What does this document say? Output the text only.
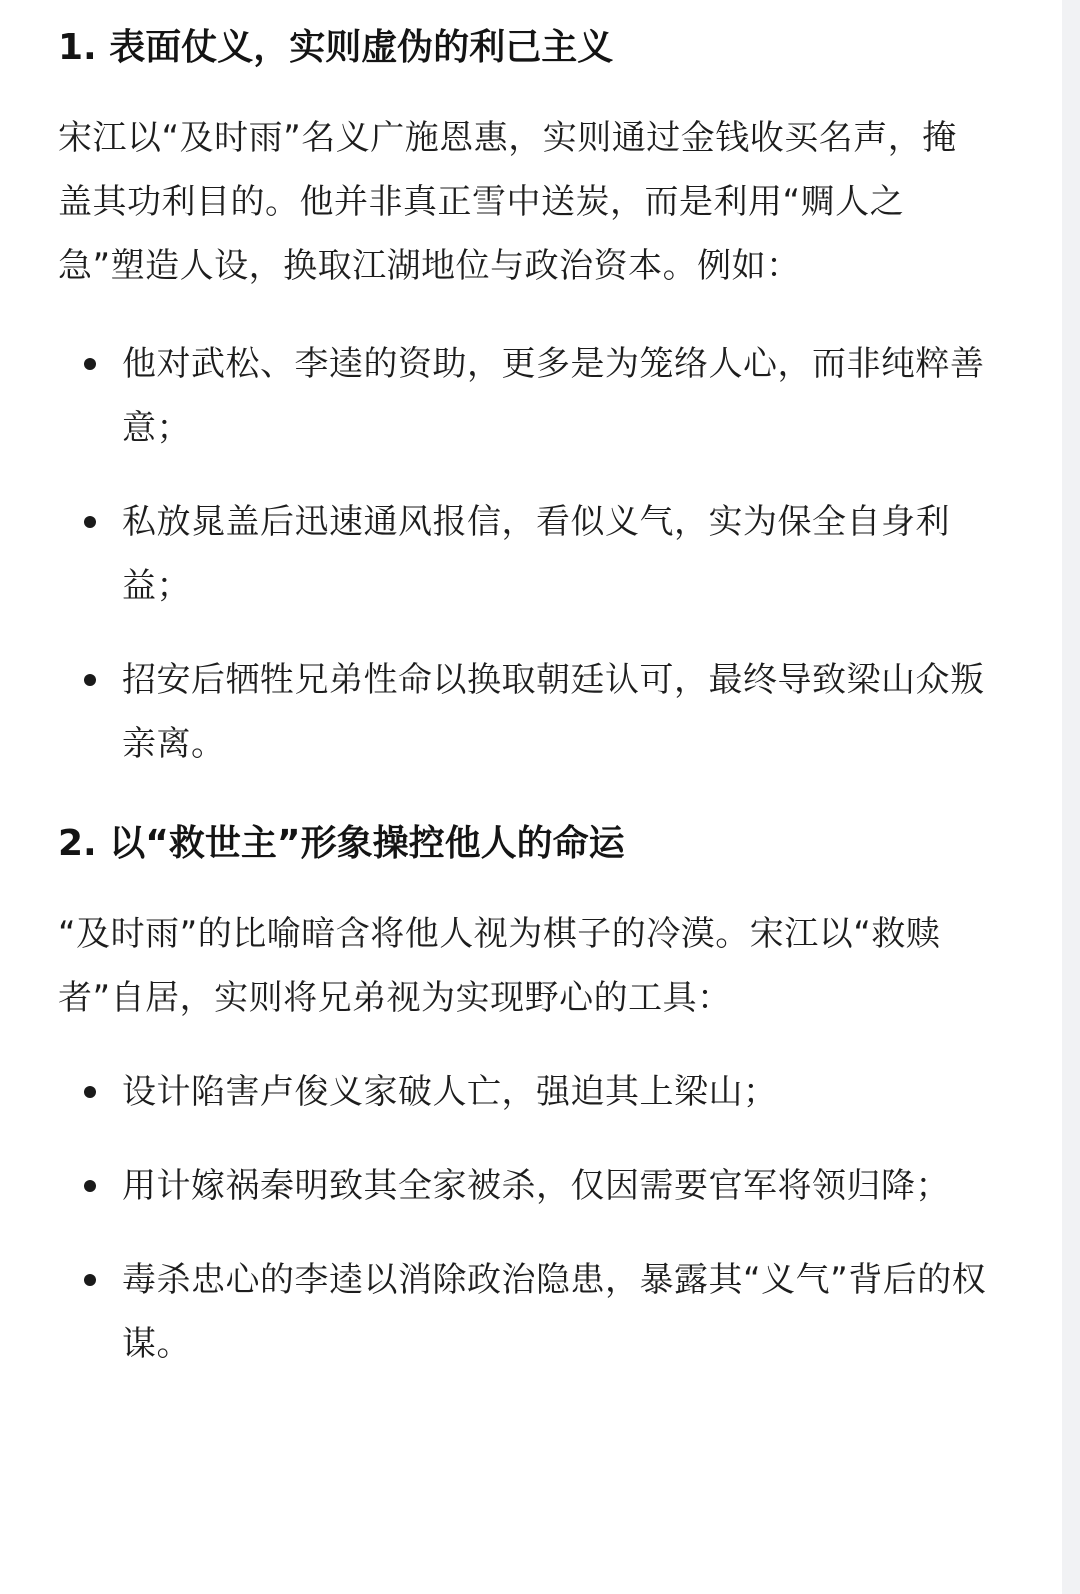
1. 表面仗义，实则虚伪的利己主义

宋江以“及时雨”名义广施恩惠，实则通过金钱收买名声，掩盖其功利目的。他并非真正雪中送炭，而是利用“赒人之急”塑造人设，换取江湖地位与政治资本。例如：

他对武松、李逵的资助，更多是为笼络人心，而非纯粹善意；
私放晁盖后迅速通风报信，看似义气，实为保全自身利益；
招安后牺牲兄弟性命以换取朝廷认可，最终导致梁山众叛亲离。
2. 以“救世主”形象操控他人的命运

“及时雨”的比喻暗含将他人视为棋子的冷漠。宋江以“救赎者”自居，实则将兄弟视为实现野心的工具：

设计陷害卢俊义家破人亡，强迫其上梁山；
用计嫁祸秦明致其全家被杀，仅因需要官军将领归降；
毒杀忠心的李逵以消除政治隐患，暴露其“义气”背后的权谋。
